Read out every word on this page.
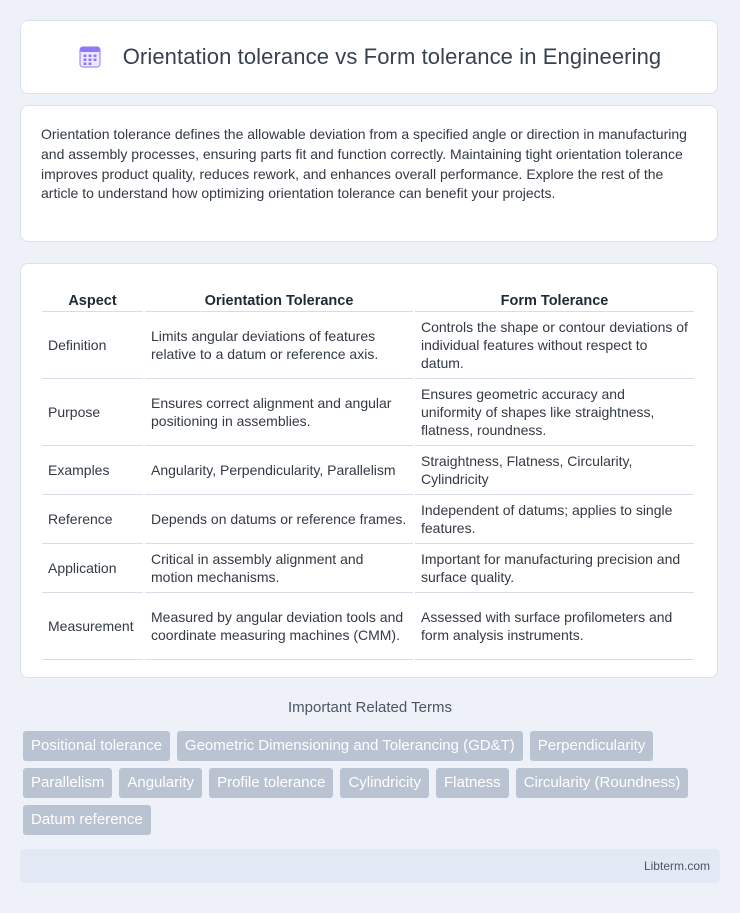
Orientation tolerance vs Form tolerance in Engineering

Orientation tolerance defines the allowable deviation from a specified angle or direction in manufacturing and assembly processes, ensuring parts fit and function correctly. Maintaining tight orientation tolerance improves product quality, reduces rework, and enhances overall performance. Explore the rest of the article to understand how optimizing orientation tolerance can benefit your projects.

Aspect	Orientation Tolerance	Form Tolerance
Definition	Limits angular deviations of features relative to a datum or reference axis.	Controls the shape or contour deviations of individual features without respect to datum.
Purpose	Ensures correct alignment and angular positioning in assemblies.	Ensures geometric accuracy and uniformity of shapes like straightness, flatness, roundness.
Examples	Angularity, Perpendicularity, Parallelism	Straightness, Flatness, Circularity, Cylindricity
Reference	Depends on datums or reference frames.	Independent of datums; applies to single features.
Application	Critical in assembly alignment and motion mechanisms.	Important for manufacturing precision and surface quality.
Measurement	Measured by angular deviation tools and coordinate measuring machines (CMM).	Assessed with surface profilometers and form analysis instruments.
Important Related Terms
Positional tolerance	Geometric Dimensioning and Tolerancing (GD&T)	Perpendicularity
Parallelism	Angularity	Profile tolerance	Cylindricity	Flatness	Circularity (Roundness)
Datum reference
Libterm.com
